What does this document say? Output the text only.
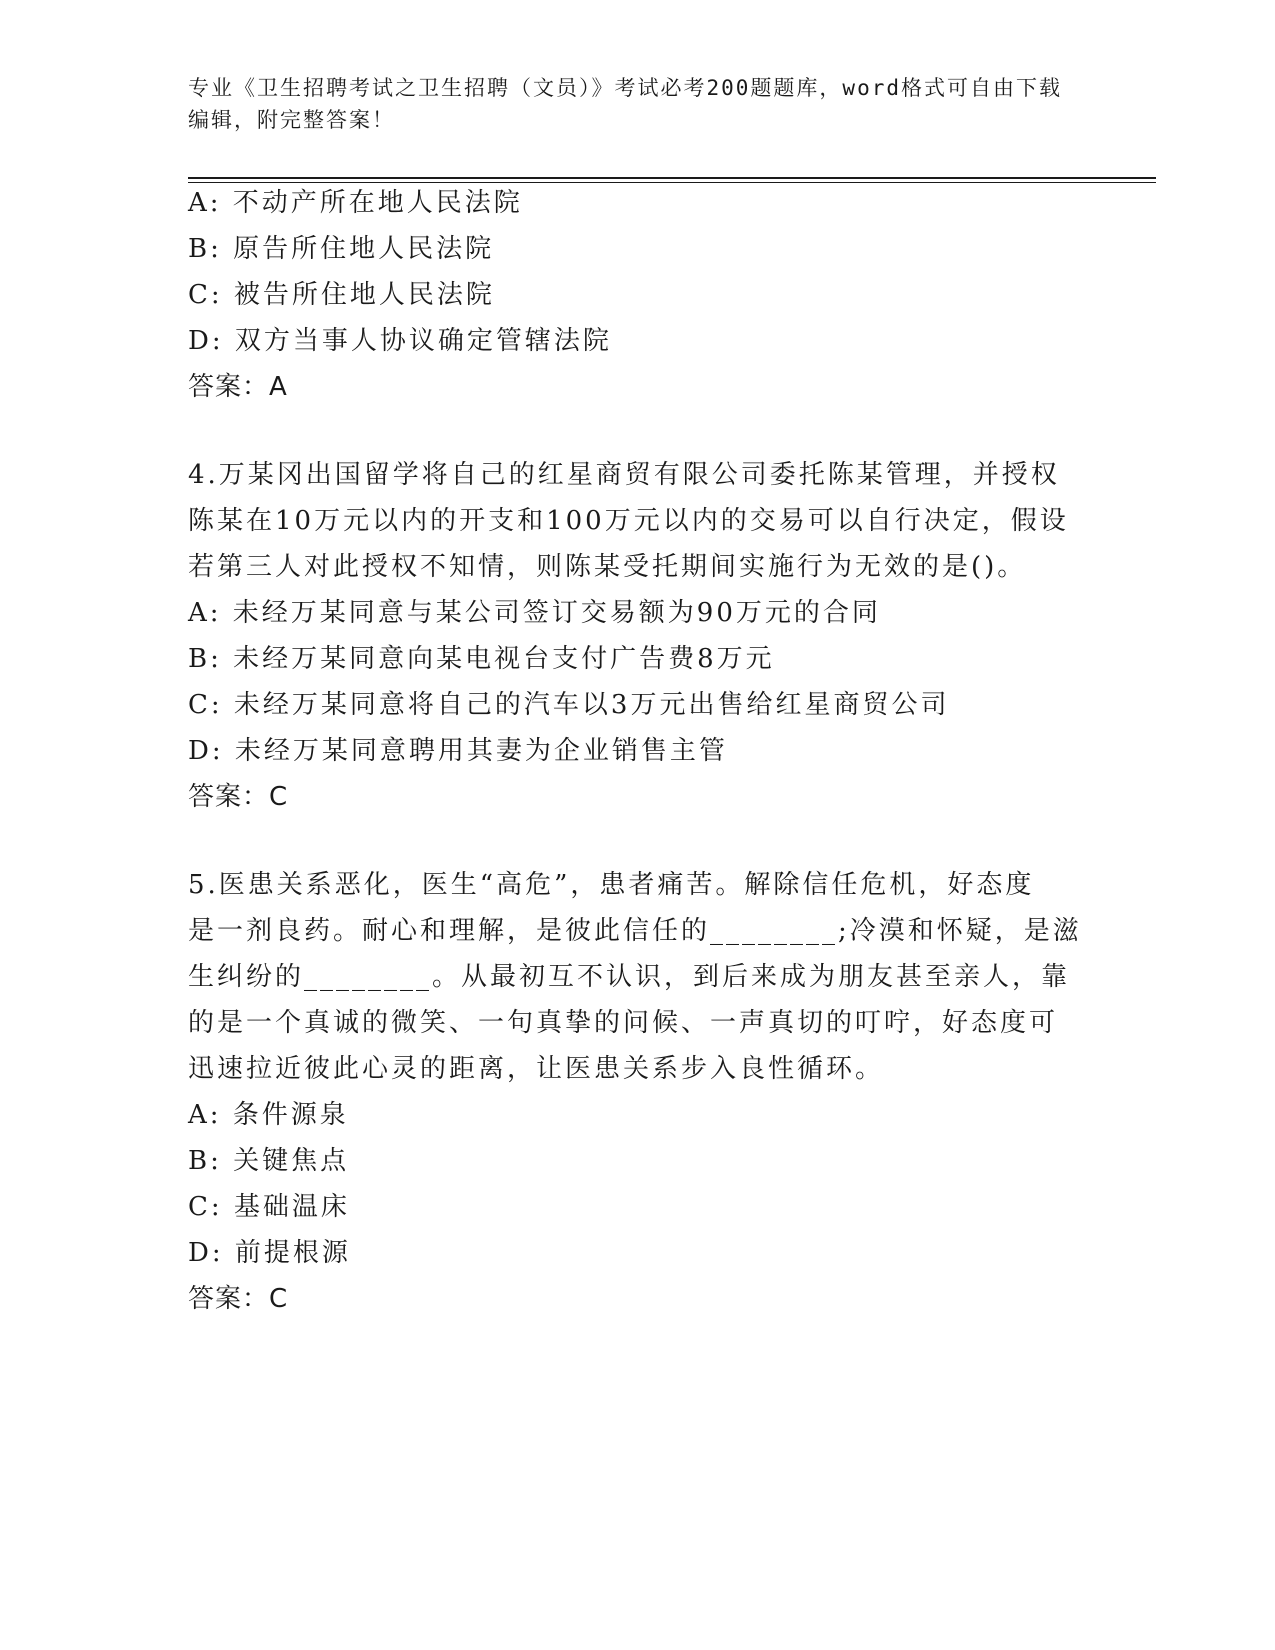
专业《卫生招聘考试之卫生招聘（文员）》考试必考200题题库，word格式可自由下载编辑，附完整答案！
A: 不动产所在地人民法院
B: 原告所住地人民法院
C: 被告所住地人民法院
D: 双方当事人协议确定管辖法院
答案：A
4.万某冈出国留学将自己的红星商贸有限公司委托陈某管理，并授权
陈某在10万元以内的开支和100万元以内的交易可以自行决定，假设
若第三人对此授权不知情，则陈某受托期间实施行为无效的是()。
A: 未经万某同意与某公司签订交易额为90万元的合同
B: 未经万某同意向某电视台支付广告费8万元
C: 未经万某同意将自己的汽车以3万元出售给红星商贸公司
D: 未经万某同意聘用其妻为企业销售主管
答案：C
5.医患关系恶化，医生“高危”，患者痛苦。解除信任危机，好态度
是一剂良药。耐心和理解，是彼此信任的________;冷漠和怀疑，是滋
生纠纷的________。从最初互不认识，到后来成为朋友甚至亲人，靠
的是一个真诚的微笑、一句真挚的问候、一声真切的叮咛，好态度可
迅速拉近彼此心灵的距离，让医患关系步入良性循环。
A: 条件源泉
B: 关键焦点
C: 基础温床
D: 前提根源
答案：C
